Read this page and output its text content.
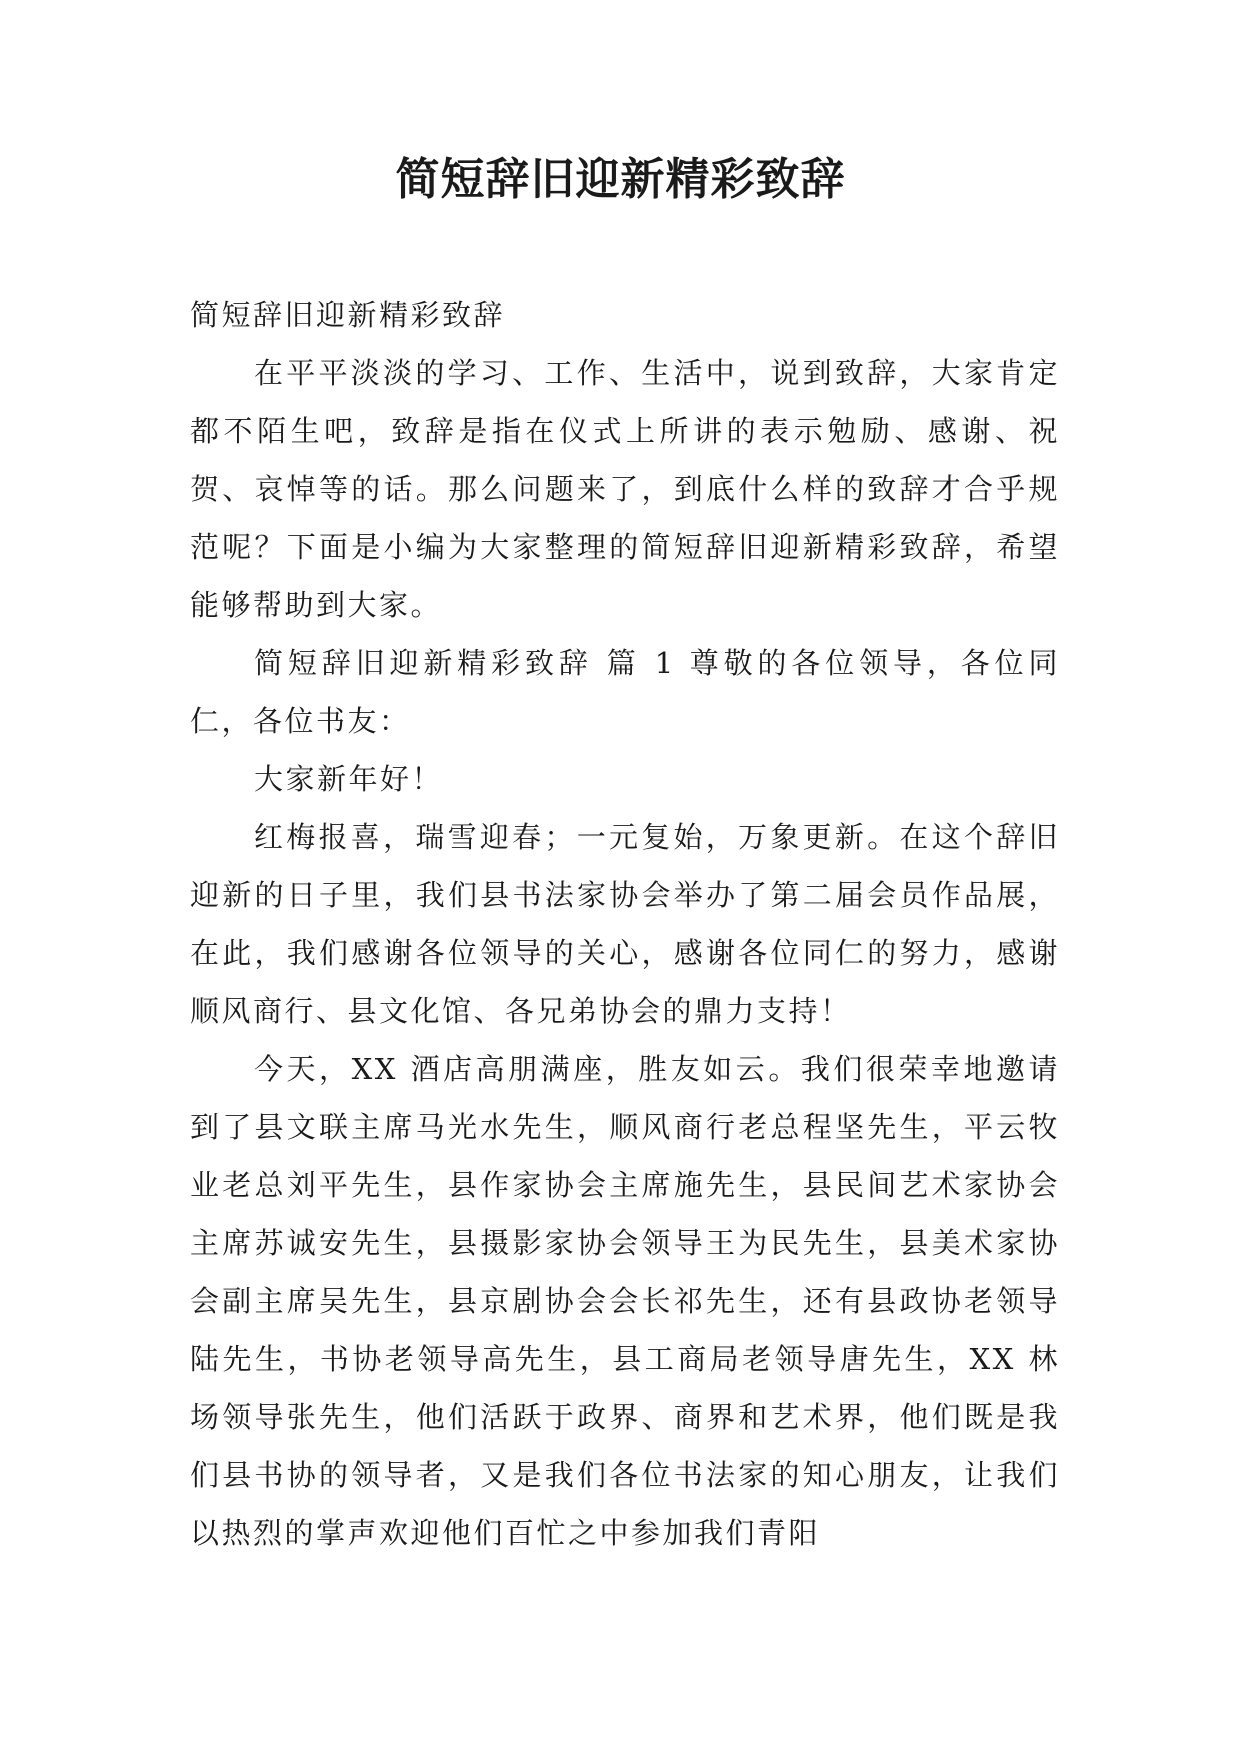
简短辞旧迎新精彩致辞

简短辞旧迎新精彩致辞

在平平淡淡的学习、工作、生活中，说到致辞，大家肯定都不陌生吧，致辞是指在仪式上所讲的表示勉励、感谢、祝贺、哀悼等的话。那么问题来了，到底什么样的致辞才合乎规范呢？下面是小编为大家整理的简短辞旧迎新精彩致辞，希望能够帮助到大家。

简短辞旧迎新精彩致辞 篇 1 尊敬的各位领导，各位同仁，各位书友：

大家新年好！

红梅报喜，瑞雪迎春；一元复始，万象更新。在这个辞旧迎新的日子里，我们县书法家协会举办了第二届会员作品展，在此，我们感谢各位领导的关心，感谢各位同仁的努力，感谢顺风商行、县文化馆、各兄弟协会的鼎力支持！

今天，XX 酒店高朋满座，胜友如云。我们很荣幸地邀请到了县文联主席马光水先生，顺风商行老总程坚先生，平云牧业老总刘平先生，县作家协会主席施先生，县民间艺术家协会主席苏诚安先生，县摄影家协会领导王为民先生，县美术家协会副主席吴先生，县京剧协会会长祁先生，还有县政协老领导陆先生，书协老领导高先生，县工商局老领导唐先生，XX 林场领导张先生，他们活跃于政界、商界和艺术界，他们既是我们县书协的领导者，又是我们各位书法家的知心朋友，让我们以热烈的掌声欢迎他们百忙之中参加我们青阳
